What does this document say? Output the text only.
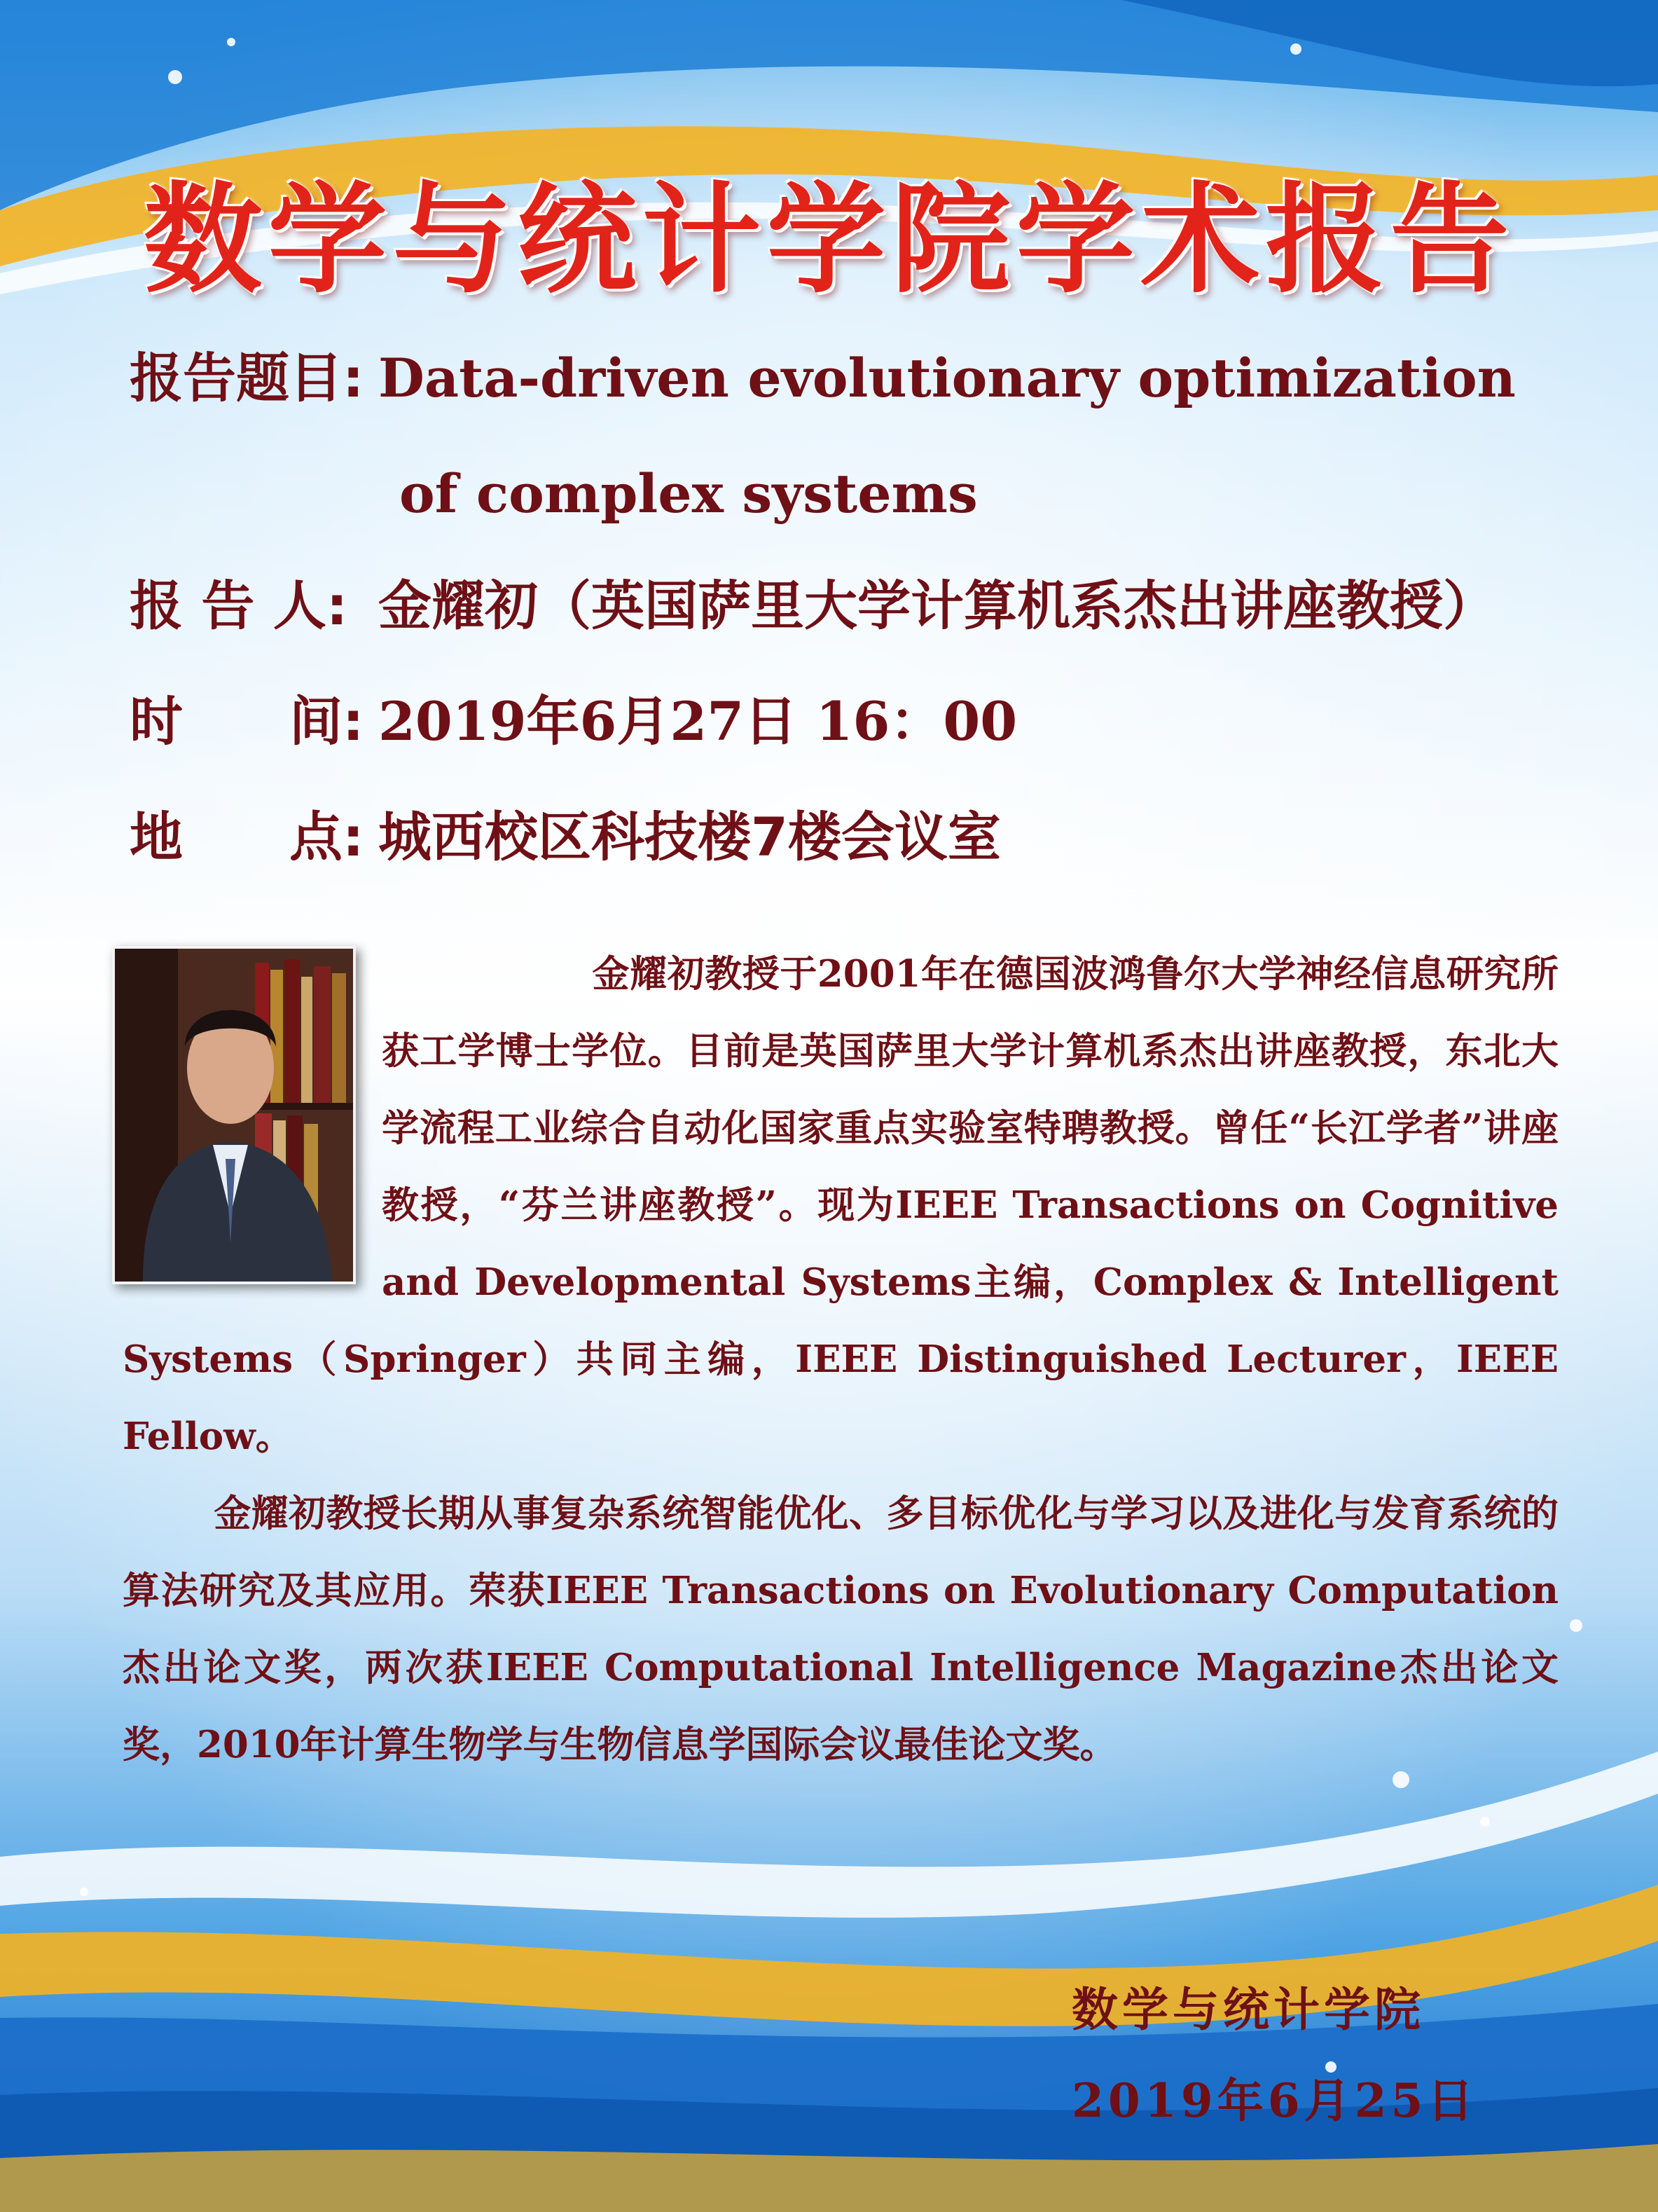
数学与统计学院学术报告
报告题目: Data-driven evolutionary optimization
of complex systems
报 告 人: 金耀初（英国萨里大学计算机系杰出讲座教授）
时　　间: 2019年6月27日 16：00
地　　点: 城西校区科技楼7楼会议室

金耀初教授于2001年在德国波鸿鲁尔大学神经信息研究所获工学博士学位。目前是英国萨里大学计算机系杰出讲座教授，东北大学流程工业综合自动化国家重点实验室特聘教授。曾任“长江学者”讲座教授，“芬兰讲座教授”。现为IEEE Transactions on Cognitive and Developmental Systems主编，Complex & Intelligent Systems（Springer）共同主编，IEEE Distinguished Lecturer，IEEE Fellow。

金耀初教授长期从事复杂系统智能优化、多目标优化与学习以及进化与发育系统的算法研究及其应用。荣获IEEE Transactions on Evolutionary Computation杰出论文奖，两次获IEEE Computational Intelligence Magazine杰出论文奖，2010年计算生物学与生物信息学国际会议最佳论文奖。

数学与统计学院
2019年6月25日
